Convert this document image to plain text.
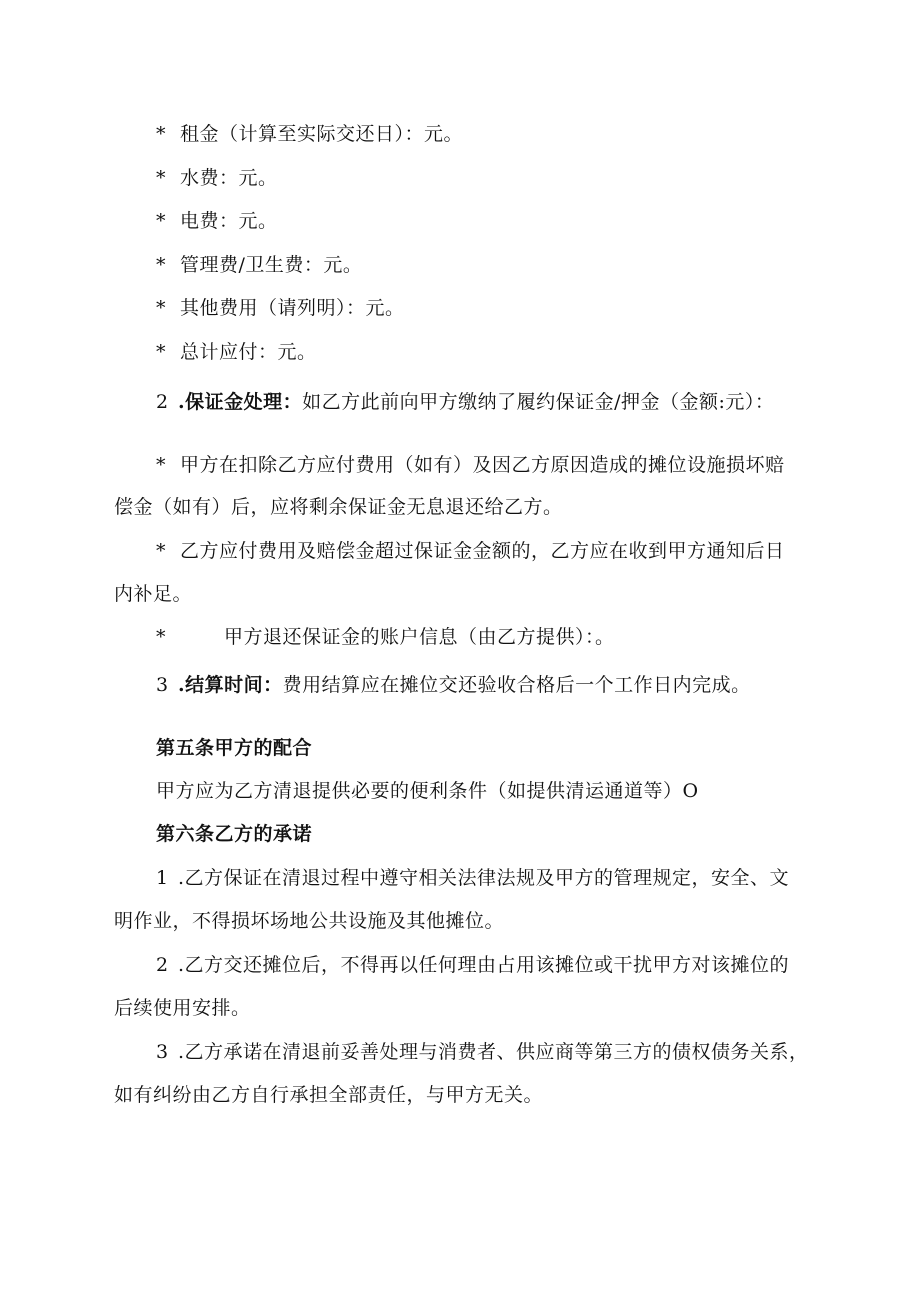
* 租金（计算至实际交还日）：元。
* 水费：元。
* 电费：元。
* 管理费/卫生费：元。
* 其他费用（请列明）：元。
* 总计应付：元。
2 .保证金处理：如乙方此前向甲方缴纳了履约保证金/押金（金额:元）：
* 甲方在扣除乙方应付费用（如有）及因乙方原因造成的摊位设施损坏赔
偿金（如有）后，应将剩余保证金无息退还给乙方。
* 乙方应付费用及赔偿金超过保证金金额的，乙方应在收到甲方通知后日
内补足。
*	甲方退还保证金的账户信息（由乙方提供）：。
3 .结算时间：费用结算应在摊位交还验收合格后一个工作日内完成。
第五条甲方的配合
甲方应为乙方清退提供必要的便利条件（如提供清运通道等）O
第六条乙方的承诺
1 .乙方保证在清退过程中遵守相关法律法规及甲方的管理规定，安全、文
明作业，不得损坏场地公共设施及其他摊位。
2 .乙方交还摊位后，不得再以任何理由占用该摊位或干扰甲方对该摊位的
后续使用安排。
3 .乙方承诺在清退前妥善处理与消费者、供应商等第三方的债权债务关系，
如有纠纷由乙方自行承担全部责任，与甲方无关。
